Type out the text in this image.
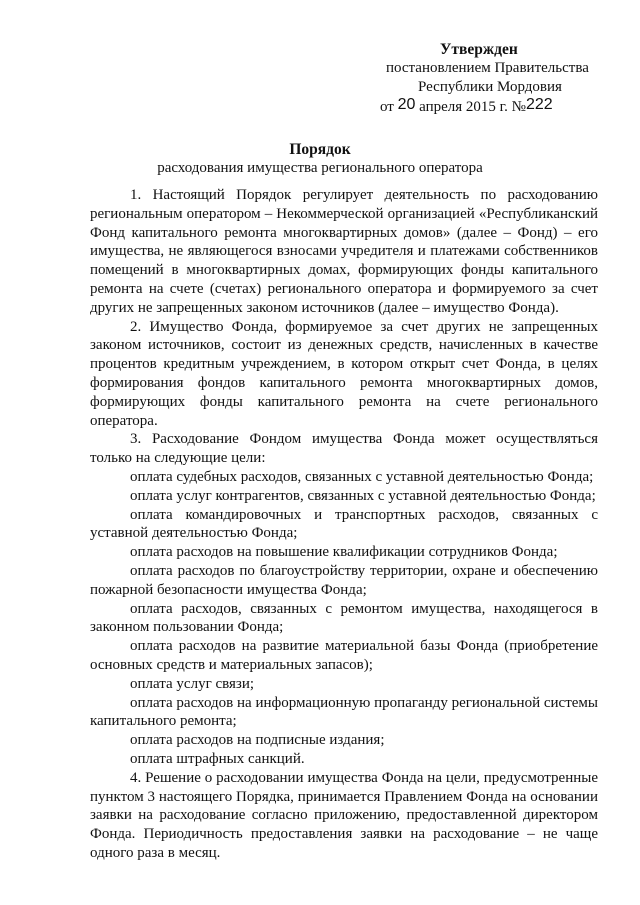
Утвержден
постановлением Правительства
Республики Мордовия
от 20 апреля 2015 г. №222
Порядок
расходования имущества регионального оператора

1. Настоящий Порядок регулирует деятельность по расходованию региональным оператором – Некоммерческой организацией «Республиканский Фонд капитального ремонта многоквартирных домов» (далее – Фонд) – его имущества, не являющегося взносами учредителя и платежами собственников помещений в многоквартирных домах, формирующих фонды капитального ремонта на счете (счетах) регионального оператора и формируемого за счет других не запрещенных законом источников (далее – имущество Фонда).

2. Имущество Фонда, формируемое за счет других не запрещенных законом источников, состоит из денежных средств, начисленных в качестве процентов кредитным учреждением, в котором открыт счет Фонда, в целях формирования фондов капитального ремонта многоквартирных домов, формирующих фонды капитального ремонта на счете регионального оператора.

3. Расходование Фондом имущества Фонда может осуществляться только на следующие цели:

оплата судебных расходов, связанных с уставной деятельностью Фонда;

оплата услуг контрагентов, связанных с уставной деятельностью Фонда;

оплата командировочных и транспортных расходов, связанных с уставной деятельностью Фонда;

оплата расходов на повышение квалификации сотрудников Фонда;

оплата расходов по благоустройству территории, охране и обеспечению пожарной безопасности имущества Фонда;

оплата расходов, связанных с ремонтом имущества, находящегося в законном пользовании Фонда;

оплата расходов на развитие материальной базы Фонда (приобретение основных средств и материальных запасов);

оплата услуг связи;

оплата расходов на информационную пропаганду региональной системы капитального ремонта;

оплата расходов на подписные издания;

оплата штрафных санкций.

4. Решение о расходовании имущества Фонда на цели, предусмотренные пунктом 3 настоящего Порядка, принимается Правлением Фонда на основании заявки на расходование согласно приложению, предоставленной директором Фонда. Периодичность предоставления заявки на расходование – не чаще одного раза в месяц.
